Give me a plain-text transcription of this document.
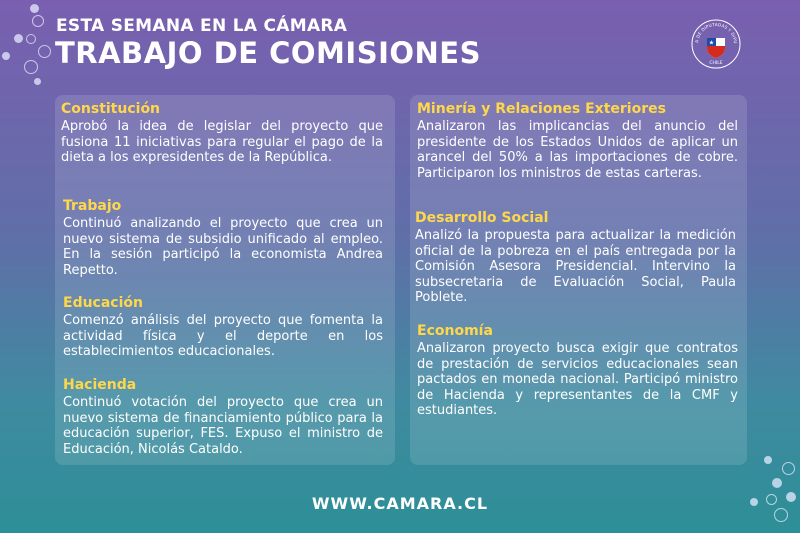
ESTA SEMANA EN LA CÁMARA
TRABAJO DE COMISIONES	A DE DIPUTADAS Y DIPU
★
CHILE
Constitución

Aprobó la idea de legislar del proyecto que fusiona 11 iniciativas para regular el pago de la dieta a los expresidentes de la República.

Trabajo

Continuó analizando el proyecto que crea un nuevo sistema de subsidio unificado al empleo. En la sesión participó la economista Andrea Repetto.

Educación

Comenzó análisis del proyecto que fomenta la actividad física y el deporte en los establecimientos educacionales.

Hacienda

Continuó votación del proyecto que crea un nuevo sistema de financiamiento público para la educación superior, FES. Expuso el ministro de Educación, Nicolás Cataldo.

Minería y Relaciones Exteriores

Analizaron las implicancias del anuncio del presidente de los Estados Unidos de aplicar un arancel del 50% a las importaciones de cobre. Participaron los ministros de estas carteras.

Desarrollo Social

Analizó la propuesta para actualizar la medición oficial de la pobreza en el país entregada por la Comisión Asesora Presidencial. Intervino la subsecretaria de Evaluación Social, Paula Poblete.

Economía

Analizaron proyecto busca exigir que contratos de prestación de servicios educacionales sean pactados en moneda nacional. Participó ministro de Hacienda y representantes de la CMF y estudiantes.

WWW.CAMARA.CL
